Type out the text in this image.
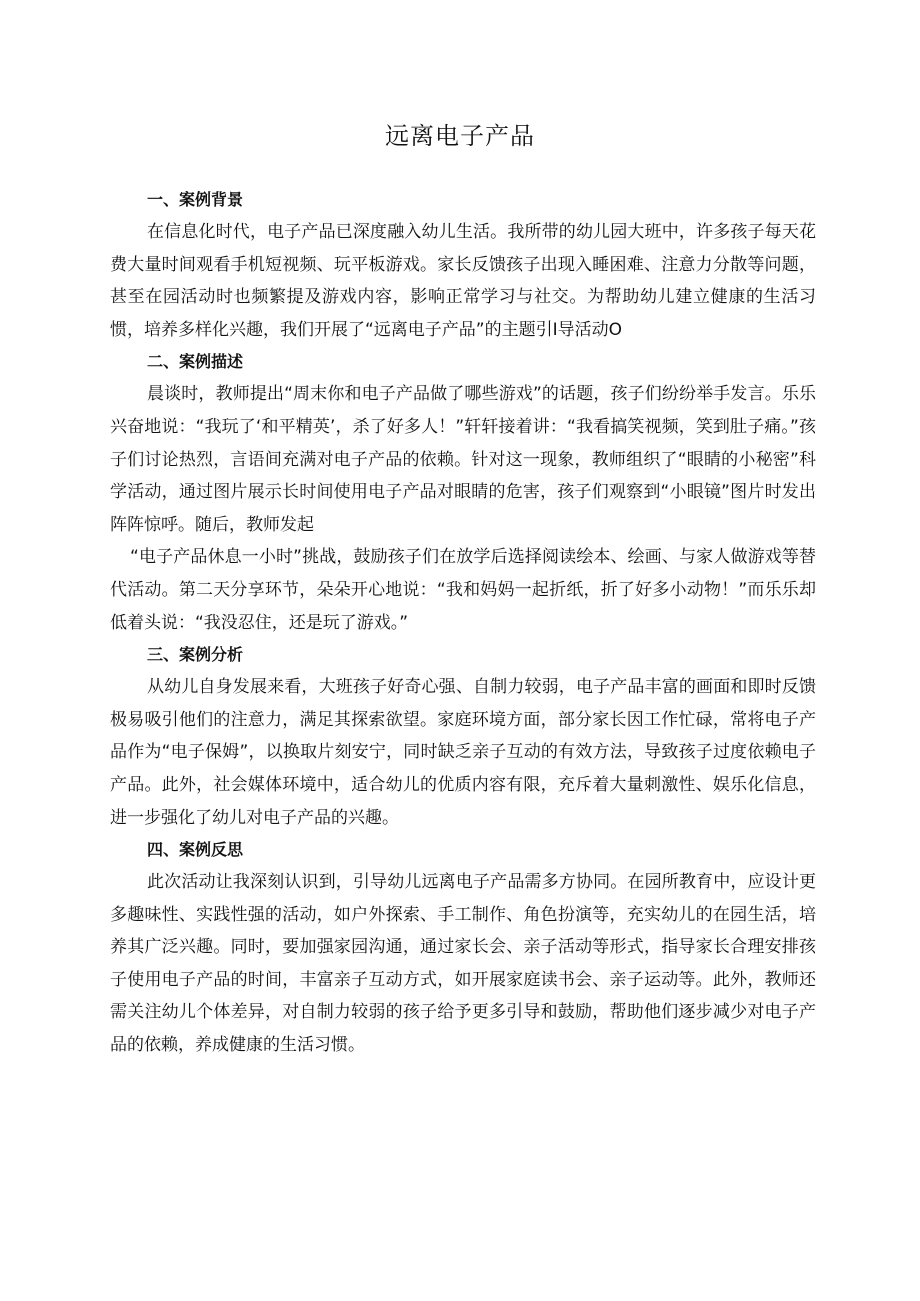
远离电子产品
一、案例背景

在信息化时代，电子产品已深度融入幼儿生活。我所带的幼儿园大班中，许多孩子每天花费大量时间观看手机短视频、玩平板游戏。家长反馈孩子出现入睡困难、注意力分散等问题，甚至在园活动时也频繁提及游戏内容，影响正常学习与社交。为帮助幼儿建立健康的生活习惯，培养多样化兴趣，我们开展了“远离电子产品”的主题引I导活动O

二、案例描述

晨谈时，教师提出“周末你和电子产品做了哪些游戏”的话题，孩子们纷纷举手发言。乐乐兴奋地说：“我玩了‘和平精英’，杀了好多人！”轩轩接着讲：“我看搞笑视频，笑到肚子痛。”孩子们讨论热烈，言语间充满对电子产品的依赖。针对这一现象，教师组织了“眼睛的小秘密”科学活动，通过图片展示长时间使用电子产品对眼睛的危害，孩子们观察到“小眼镜”图片时发出阵阵惊呼。随后，教师发起

“电子产品休息一小时”挑战，鼓励孩子们在放学后选择阅读绘本、绘画、与家人做游戏等替代活动。第二天分享环节，朵朵开心地说：“我和妈妈一起折纸，折了好多小动物！”而乐乐却低着头说：“我没忍住，还是玩了游戏。”

三、案例分析

从幼儿自身发展来看，大班孩子好奇心强、自制力较弱，电子产品丰富的画面和即时反馈极易吸引他们的注意力，满足其探索欲望。家庭环境方面，部分家长因工作忙碌，常将电子产品作为“电子保姆”，以换取片刻安宁，同时缺乏亲子互动的有效方法，导致孩子过度依赖电子产品。此外，社会媒体环境中，适合幼儿的优质内容有限，充斥着大量刺激性、娱乐化信息，进一步强化了幼儿对电子产品的兴趣。

四、案例反思

此次活动让我深刻认识到，引导幼儿远离电子产品需多方协同。在园所教育中，应设计更多趣味性、实践性强的活动，如户外探索、手工制作、角色扮演等，充实幼儿的在园生活，培养其广泛兴趣。同时，要加强家园沟通，通过家长会、亲子活动等形式，指导家长合理安排孩子使用电子产品的时间，丰富亲子互动方式，如开展家庭读书会、亲子运动等。此外，教师还需关注幼儿个体差异，对自制力较弱的孩子给予更多引导和鼓励，帮助他们逐步减少对电子产品的依赖，养成健康的生活习惯。
